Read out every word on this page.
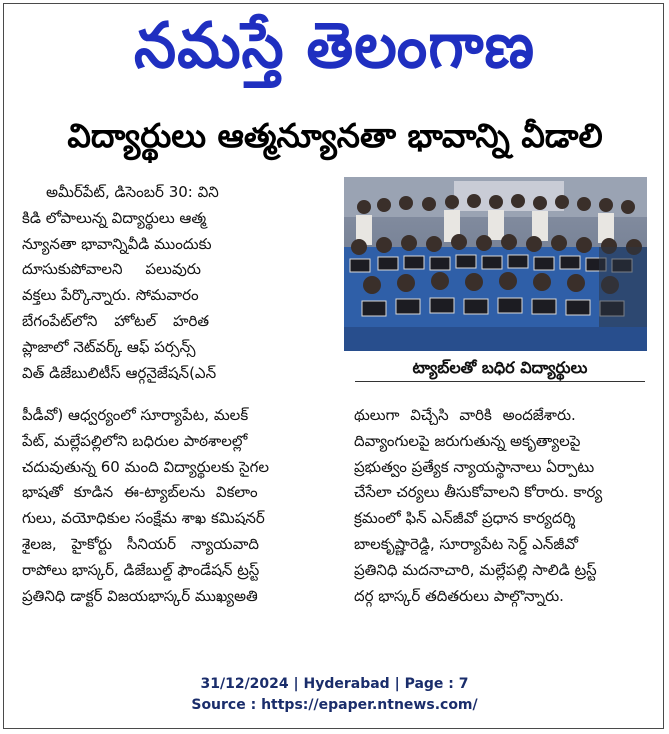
నమస్తే తెలంగాణ
విద్యార్థులు ఆత్మన్యూనతా భావాన్ని వీడాలి
అమీర్‌పేట్, డిసెంబర్ 30: విని
కిడి లోపాలున్న విద్యార్థులు ఆత్మ
న్యూనతా భావాన్నివీడి ముందుకు
దూసుకుపోవాలని పలువురు
వక్తలు పేర్కొన్నారు. సోమవారం
బేగంపేట్‌లోని హోటల్ హరిత
ప్లాజాలో నెట్‌వర్క్ ఆఫ్ పర్సన్స్
విత్ డిజేబులిటీస్ ఆర్గనైజేషన్(ఎన్	ట్యాబ్‌లతో బధిర విద్యార్థులు
పీడీవో) ఆధ్వర్యంలో సూర్యాపేట, మలక్
పేట్, మల్లేపల్లిలోని బధిరుల పాఠశాలల్లో
చదువుతున్న 60 మంది విద్యార్థులకు సైగల
భాషతో కూడిన ఈ-ట్యాబ్‌లను వికలాం
గులు, వయోధికుల సంక్షేమ శాఖ కమిషనర్
శైలజ, హైకోర్టు సీనియర్ న్యాయవాది
రాపోలు భాస్కర్, డిజేబుల్డ్ ఫౌండేషన్ ట్రస్ట్
ప్రతినిధి డాక్టర్ విజయభాస్కర్ ముఖ్యఅతి
థులుగా విచ్చేసి వారికి అందజేశారు.
దివ్యాంగులపై జరుగుతున్న అకృత్యాలపై
ప్రభుత్వం ప్రత్యేక న్యాయస్థానాలు ఏర్పాటు
చేసేలా చర్యలు తీసుకోవాలని కోరారు. కార్య
క్రమంలో ఫిన్ ఎన్‌జీవో ప్రధాన కార్యదర్శి
బాలకృష్ణారెడ్డి, సూర్యాపేట సెర్డ్ ఎన్‌జీవో
ప్రతినిధి మదనాచారి, మల్లేపల్లి సాలిడి ట్రస్ట్
దర్గ భాస్కర్ తదితరులు పాల్గొన్నారు.
31/12/2024 | Hyderabad | Page : 7
Source : https://epaper.ntnews.com/
